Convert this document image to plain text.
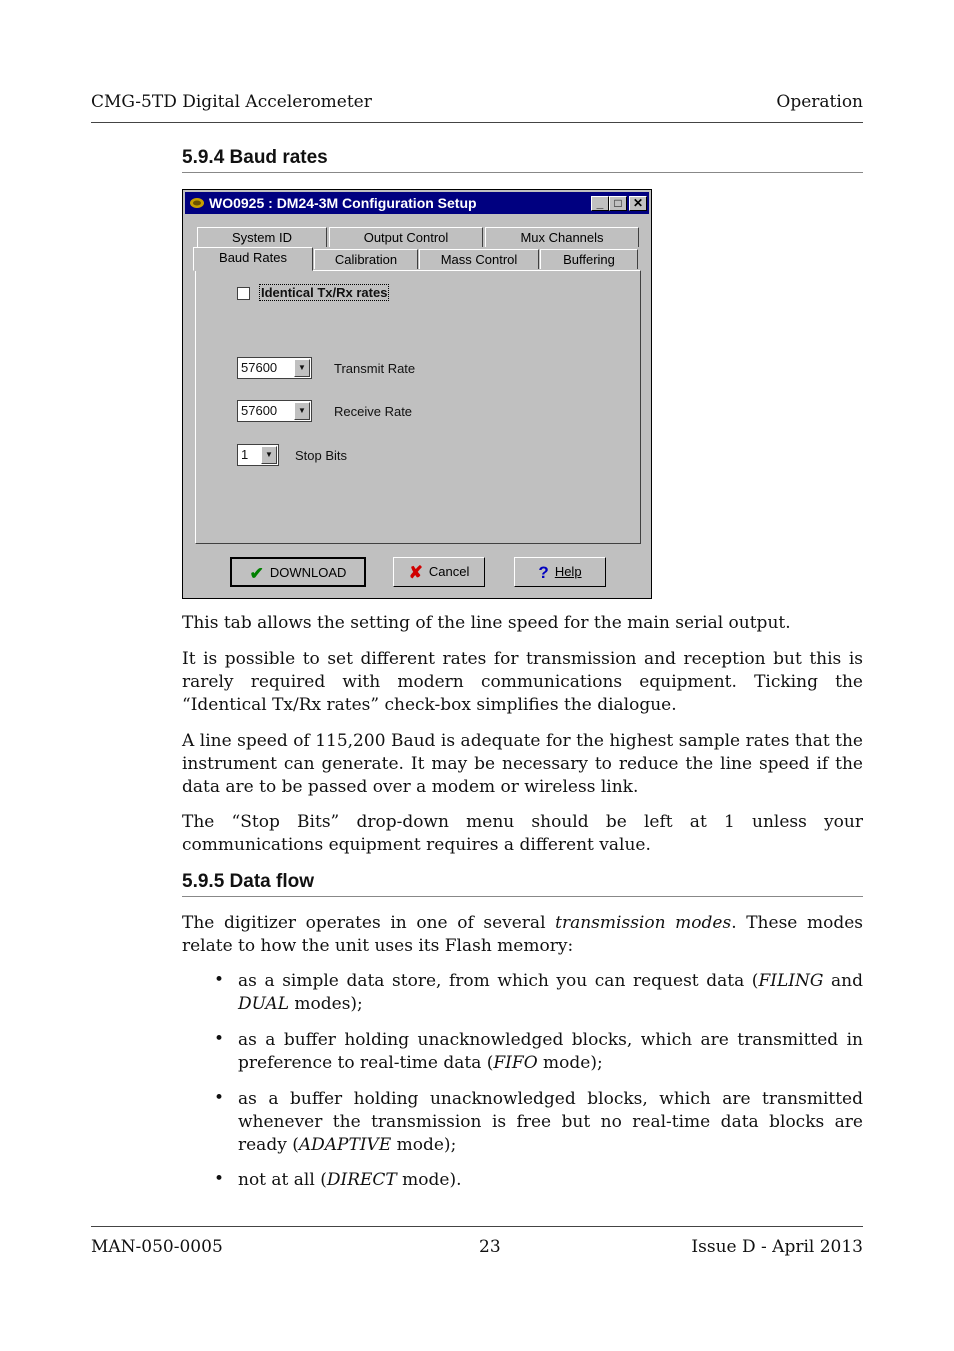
CMG-5TD Digital Accelerometer	Operation
5.9.4 Baud rates
WO0925 : DM24-3M Configuration Setup	_ □ ✕
System ID	Output Control	Mux Channels
Baud Rates	Calibration	Mass Control	Buffering
Identical Tx/Rx rates
57600	▼	Transmit Rate
57600	▼	Receive Rate
1	▼	Stop Bits
✔ DOWNLOAD	✘ Cancel	? Help
This tab allows the setting of the line speed for the main serial output.
It is possible to set different rates for transmission and reception but this is rarely required with modern communications equipment. Ticking the “Identical Tx/Rx rates” check-box simplifies the dialogue.
A line speed of 115,200 Baud is adequate for the highest sample rates that the instrument can generate. It may be necessary to reduce the line speed if the data are to be passed over a modem or wireless link.
The “Stop Bits” drop-down menu should be left at 1 unless your communications equipment requires a different value.
5.9.5 Data flow
The digitizer operates in one of several transmission modes. These modes relate to how the unit uses its Flash memory:
• as a simple data store, from which you can request data (FILING and DUAL modes);
• as a buffer holding unacknowledged blocks, which are transmitted in preference to real-time data (FIFO mode);
• as a buffer holding unacknowledged blocks, which are transmitted whenever the transmission is free but no real-time data blocks are ready (ADAPTIVE mode);
• not at all (DIRECT mode).
MAN-050-0005	23	Issue D - April 2013
